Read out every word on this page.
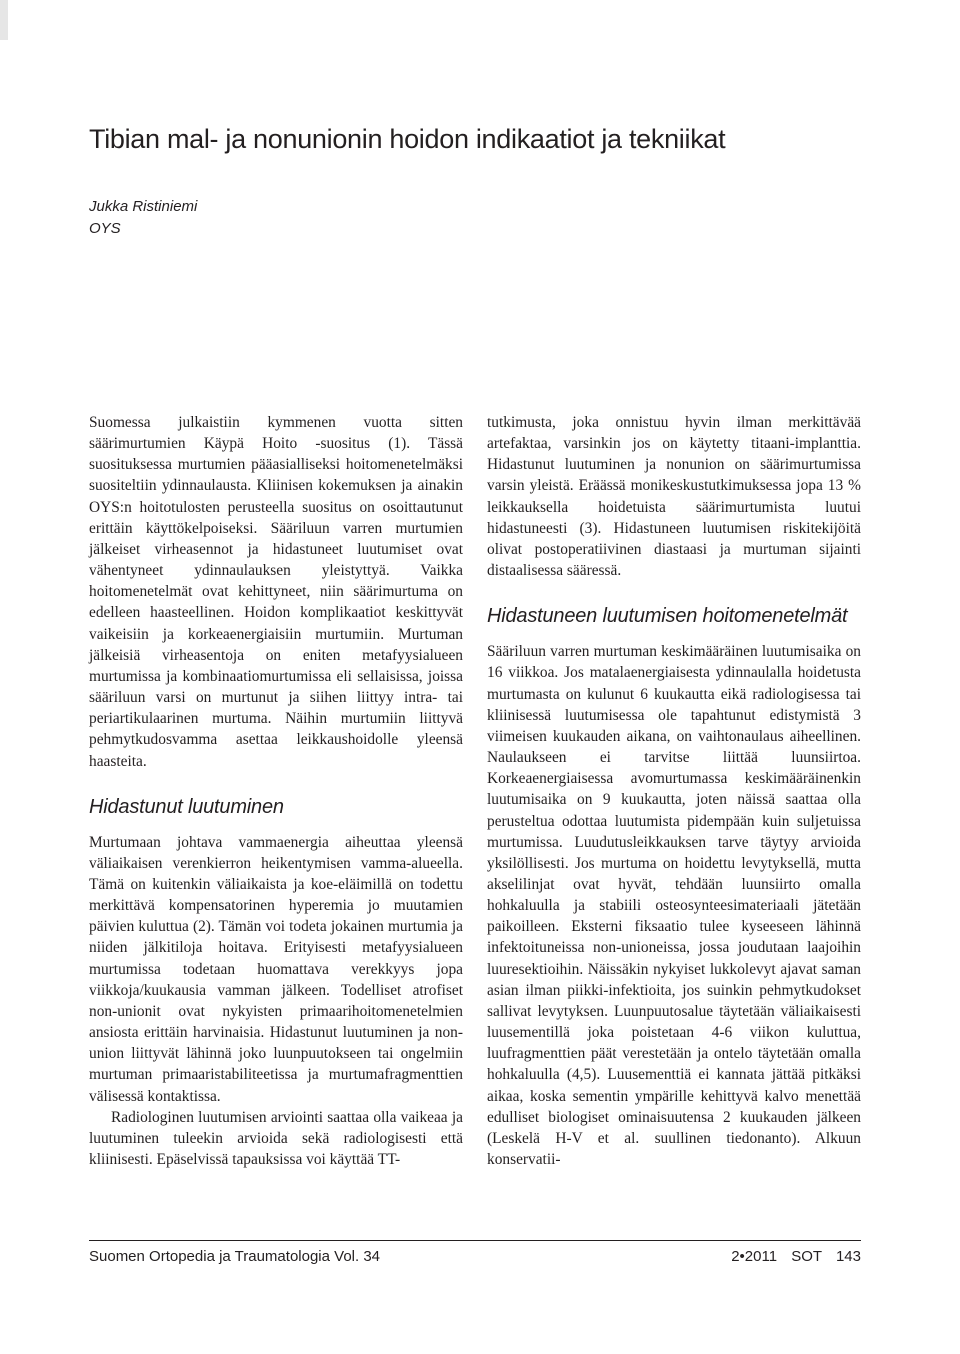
Tibian mal- ja nonunionin hoidon indikaatiot ja tekniikat
Jukka Ristiniemi
OYS

Suomessa julkaistiin kymmenen vuotta sitten säärimurtumien Käypä Hoito -suositus (1). Tässä suosituksessa murtumien pääasialliseksi hoitomenetelmäksi suositeltiin ydinnaulausta. Kliinisen kokemuksen ja ainakin OYS:n hoitotulosten perusteella suositus on osoittautunut erittäin käyttökelpoiseksi. Sääriluun varren murtumien jälkeiset virheasennot ja hidastuneet luutumiset ovat vähentyneet ydinnaulauksen yleistyttyä. Vaikka hoitomenetelmät ovat kehittyneet, niin säärimurtuma on edelleen haasteellinen. Hoidon komplikaatiot keskittyvät vaikeisiin ja korkeaenergiaisiin murtumiin. Murtuman jälkeisiä virheasentoja on eniten metafyysialueen murtumissa ja kombinaatiomurtumissa eli sellaisissa, joissa sääriluun varsi on murtunut ja siihen liittyy intra- tai periartikulaarinen murtuma. Näihin murtumiin liittyvä pehmytkudosvamma asettaa leikkaushoidolle yleensä haasteita.

Hidastunut luutuminen

Murtumaan johtava vammaenergia aiheuttaa yleensä väliaikaisen verenkierron heikentymisen vamma-alueella. Tämä on kuitenkin väliaikaista ja koe-eläimillä on todettu merkittävä kompensatorinen hyperemia jo muutamien päivien kuluttua (2). Tämän voi todeta jokainen murtumia ja niiden jälkitiloja hoitava. Erityisesti metafyysialueen murtumissa todetaan huomattava verekkyys jopa viikkoja/kuukausia vamman jälkeen. Todelliset atrofiset non-unionit ovat nykyisten primaarihoitomenetelmien ansiosta erittäin harvinaisia. Hidastunut luutuminen ja non-union liittyvät lähinnä joko luunpuutokseen tai ongelmiin murtuman primaaristabiliteetissa ja murtumafragmenttien välisessä kontaktissa.

Radiologinen luutumisen arviointi saattaa olla vaikeaa ja luutuminen tuleekin arvioida sekä radiologisesti että kliinisesti. Epäselvissä tapauksissa voi käyttää TT-

tutkimusta, joka onnistuu hyvin ilman merkittävää artefaktaa, varsinkin jos on käytetty titaani-implanttia. Hidastunut luutuminen ja nonunion on säärimurtumissa varsin yleistä. Eräässä monikeskustutkimuksessa jopa 13 % leikkauksella hoidetuista säärimurtumista luutui hidastuneesti (3). Hidastuneen luutumisen riskitekijöitä olivat postoperatiivinen diastaasi ja murtuman sijainti distaalisessa sääressä.

Hidastuneen luutumisen hoitomenetelmät

Sääriluun varren murtuman keskimääräinen luutumisaika on 16 viikkoa. Jos matalaenergiaisesta ydinnaulalla hoidetusta murtumasta on kulunut 6 kuukautta eikä radiologisessa tai kliinisessä luutumisessa ole tapahtunut edistymistä 3 viimeisen kuukauden aikana, on vaihtonaulaus aiheellinen. Naulaukseen ei tarvitse liittää luunsiirtoa. Korkeaenergiaisessa avomurtumassa keskimääräinenkin luutumisaika on 9 kuukautta, joten näissä saattaa olla perusteltua odottaa luutumista pidempään kuin suljetuissa murtumissa. Luudutusleikkauksen tarve täytyy arvioida yksilöllisesti. Jos murtuma on hoidettu levytyksellä, mutta akselilinjat ovat hyvät, tehdään luunsiirto omalla hohkaluulla ja stabiili osteosynteesimateriaali jätetään paikoilleen. Eksterni fiksaatio tulee kyseeseen lähinnä infektoituneissa non-unioneissa, jossa joudutaan laajoihin luuresektioihin. Näissäkin nykyiset lukkolevyt ajavat saman asian ilman piikki-infektioita, jos suinkin pehmytkudokset sallivat levytyksen. Luunpuutosalue täytetään väliaikaisesti luusementillä joka poistetaan 4-6 viikon kuluttua, luufragmenttien päät verestetään ja ontelo täytetään omalla hohkaluulla (4,5). Luusementtiä ei kannata jättää pitkäksi aikaa, koska sementin ympärille kehittyvä kalvo menettää edulliset biologiset ominaisuutensa 2 kuukauden jälkeen (Leskelä H-V et al. suullinen tiedonanto). Alkuun konservatii-

Suomen Ortopedia ja Traumatologia Vol. 34	2•2011 SOT 143
